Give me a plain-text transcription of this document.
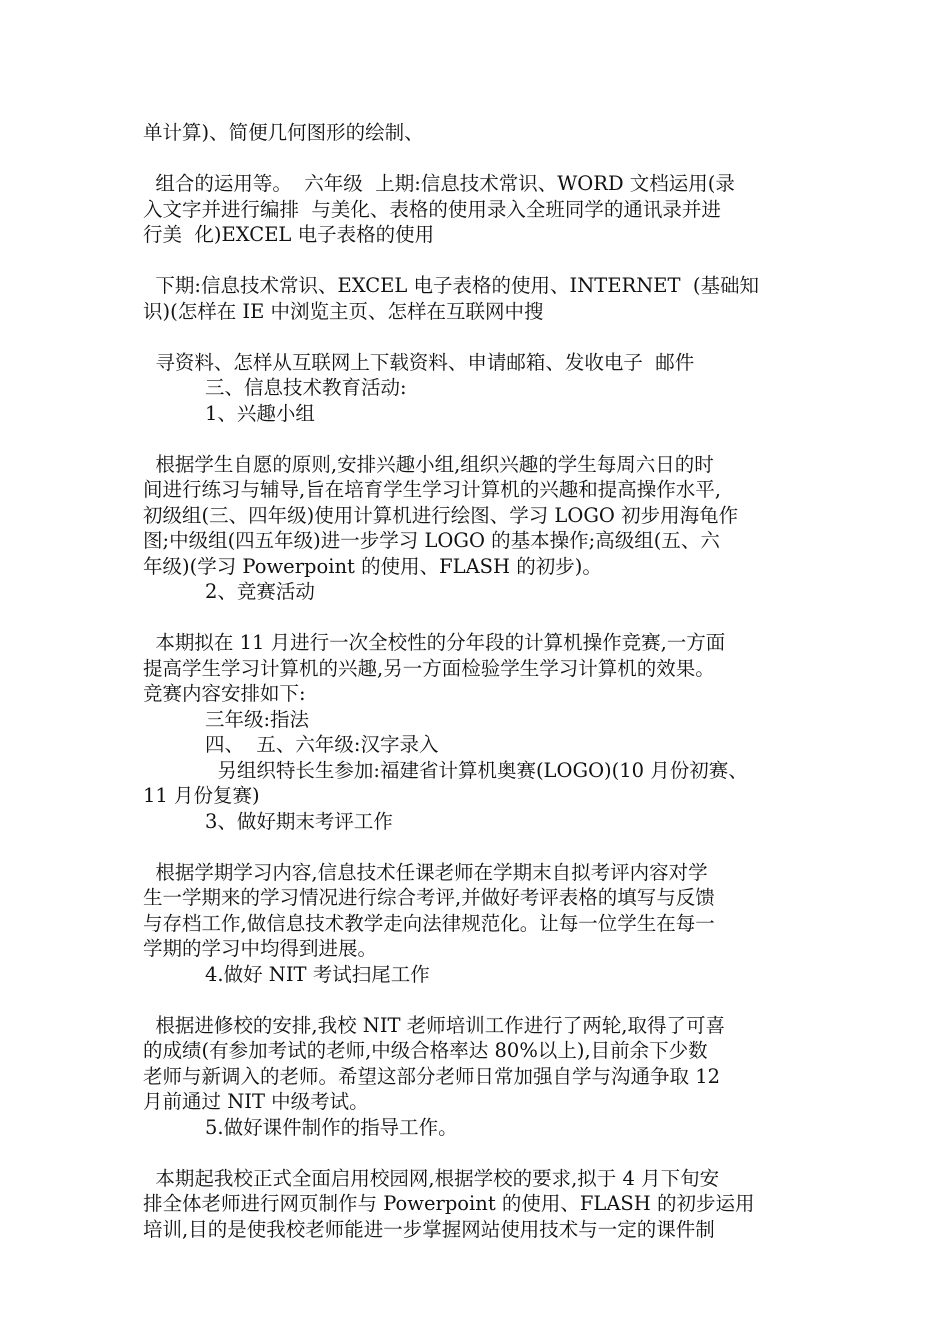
单计算)、简便几何图形的绘制、
组合的运用等。  六年级  上期:信息技术常识、WORD 文档运用(录
入文字并进行编排  与美化、表格的使用录入全班同学的通讯录并进
行美  化)EXCEL 电子表格的使用
下期:信息技术常识、EXCEL 电子表格的使用、INTERNET  (基础知
识)(怎样在 IE 中浏览主页、怎样在互联网中搜
寻资料、怎样从互联网上下载资料、申请邮箱、发收电子  邮件
三、信息技术教育活动:
1、兴趣小组
根据学生自愿的原则,安排兴趣小组,组织兴趣的学生每周六日的时
间进行练习与辅导,旨在培育学生学习计算机的兴趣和提高操作水平,
初级组(三、四年级)使用计算机进行绘图、学习 LOGO 初步用海龟作
图;中级组(四五年级)进一步学习 LOGO 的基本操作;高级组(五、六
年级)(学习 Powerpoint 的使用、FLASH 的初步)。
2、竞赛活动
本期拟在 11 月进行一次全校性的分年段的计算机操作竞赛,一方面
提高学生学习计算机的兴趣,另一方面检验学生学习计算机的效果。
竞赛内容安排如下:
三年级:指法
四、  五、六年级:汉字录入
另组织特长生参加:福建省计算机奥赛(LOGO)(10 月份初赛、
11 月份复赛)
3、做好期末考评工作
根据学期学习内容,信息技术任课老师在学期末自拟考评内容对学
生一学期来的学习情况进行综合考评,并做好考评表格的填写与反馈
与存档工作,做信息技术教学走向法律规范化。让每一位学生在每一
学期的学习中均得到进展。
4.做好 NIT 考试扫尾工作
根据进修校的安排,我校 NIT 老师培训工作进行了两轮,取得了可喜
的成绩(有参加考试的老师,中级合格率达 80%以上),目前余下少数
老师与新调入的老师。希望这部分老师日常加强自学与沟通争取 12
月前通过 NIT 中级考试。
5.做好课件制作的指导工作。
本期起我校正式全面启用校园网,根据学校的要求,拟于 4 月下旬安
排全体老师进行网页制作与 Powerpoint 的使用、FLASH 的初步运用
培训,目的是使我校老师能进一步掌握网站使用技术与一定的课件制
